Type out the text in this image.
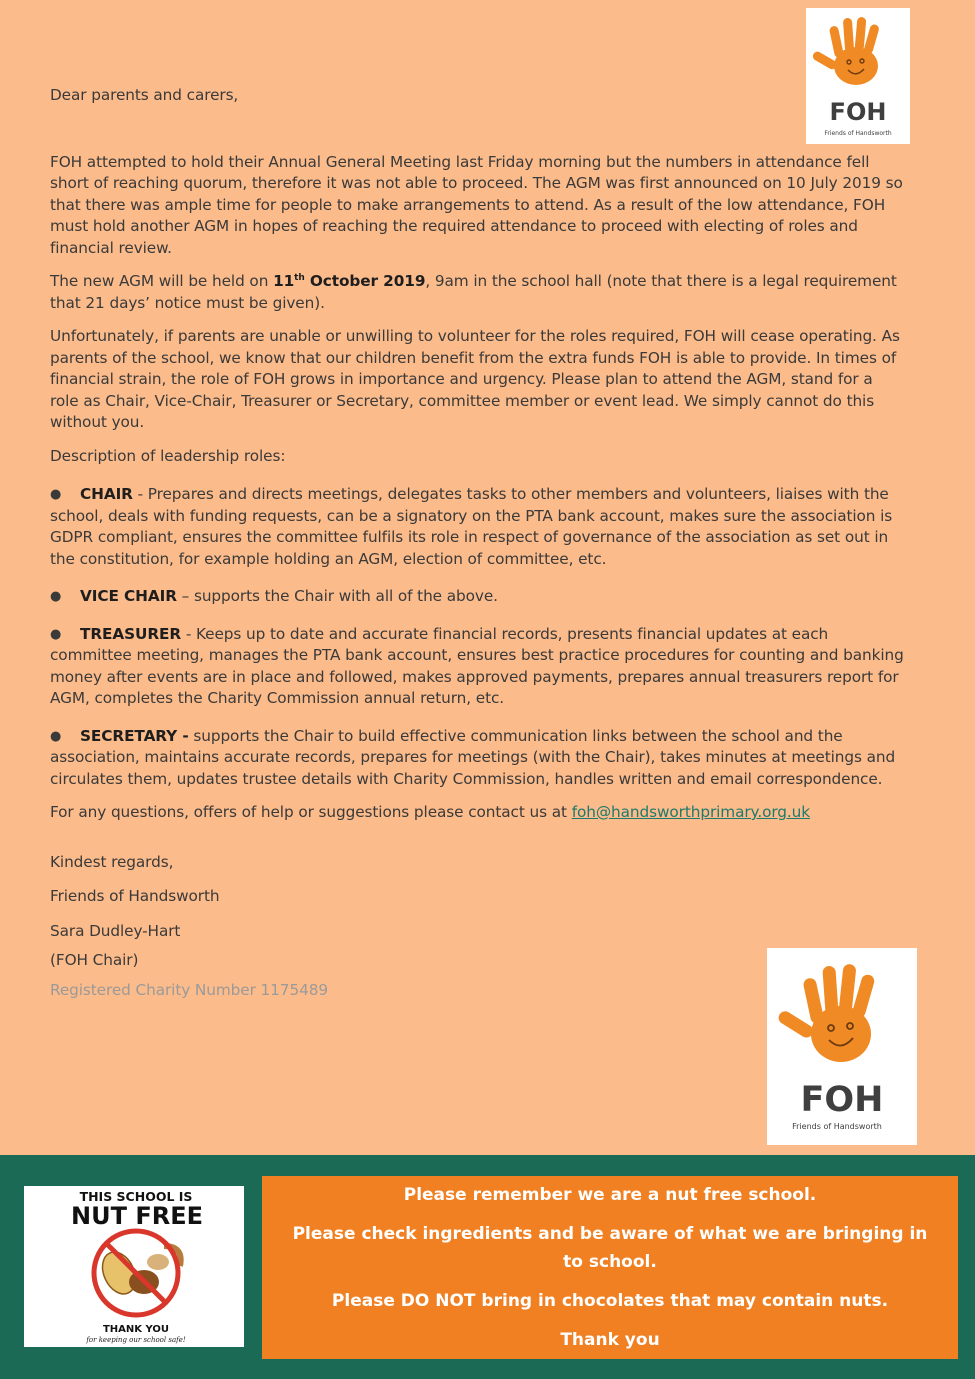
FOH
Friends of Handsworth

Dear parents and carers,

FOH attempted to hold their Annual General Meeting last Friday morning but the numbers in attendance fell short of reaching quorum, therefore it was not able to proceed. The AGM was first announced on 10 July 2019 so that there was ample time for people to make arrangements to attend. As a result of the low attendance, FOH must hold another AGM in hopes of reaching the required attendance to proceed with electing of roles and financial review.

The new AGM will be held on 11th October 2019, 9am in the school hall (note that there is a legal requirement that 21 days’ notice must be given).

Unfortunately, if parents are unable or unwilling to volunteer for the roles required, FOH will cease operating. As parents of the school, we know that our children benefit from the extra funds FOH is able to provide. In times of financial strain, the role of FOH grows in importance and urgency. Please plan to attend the AGM, stand for a role as Chair, Vice-Chair, Treasurer or Secretary, committee member or event lead. We simply cannot do this without you.

Description of leadership roles:

● CHAIR - Prepares and directs meetings, delegates tasks to other members and volunteers, liaises with the school, deals with funding requests, can be a signatory on the PTA bank account, makes sure the association is GDPR compliant, ensures the committee fulfils its role in respect of governance of the association as set out in the constitution, for example holding an AGM, election of committee, etc.

● VICE CHAIR – supports the Chair with all of the above.

● TREASURER - Keeps up to date and accurate financial records, presents financial updates at each committee meeting, manages the PTA bank account, ensures best practice procedures for counting and banking money after events are in place and followed, makes approved payments, prepares annual treasurers report for AGM, completes the Charity Commission annual return, etc.

● SECRETARY - supports the Chair to build effective communication links between the school and the association, maintains accurate records, prepares for meetings (with the Chair), takes minutes at meetings and circulates them, updates trustee details with Charity Commission, handles written and email correspondence.

For any questions, offers of help or suggestions please contact us at foh@handsworthprimary.org.uk

Kindest regards,

Friends of Handsworth

Sara Dudley-Hart

(FOH Chair)

Registered Charity Number 1175489

FOH
Friends of Handsworth
THIS SCHOOL IS
NUT FREE
THANK YOU
for keeping our school safe!

Please remember we are a nut free school.

Please check ingredients and be aware of what we are bringing in to school.

Please DO NOT bring in chocolates that may contain nuts.

Thank you
